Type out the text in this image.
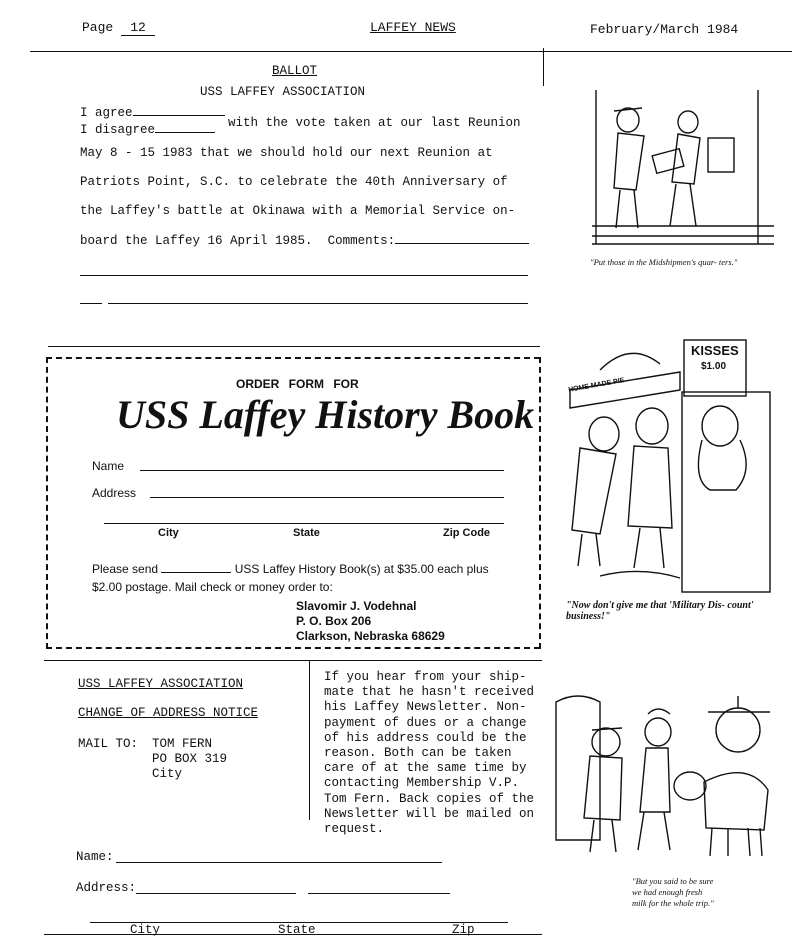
Page 12	LAFFEY NEWS	February/March 1984
BALLOT
USS LAFFEY ASSOCIATION
I agree
I disagree	with the vote taken at our last Reunion
May 8 - 15 1983 that we should hold our next Reunion at
Patriots Point, S.C. to celebrate the 40th Anniversary of
the Laffey's battle at Okinawa with a Memorial Service on-
board the Laffey 16 April 1985. Comments:
"Put those in the Midshipmen's quar- ters."
ORDER FORM FOR
USS Laffey History Book
Name
Address
City	State	Zip Code
Please send	USS Laffey History Book(s) at $35.00 each plus
$2.00 postage. Mail check or money order to:
Slavomir J. Vodehnal
P. O. Box 206
Clarkson, Nebraska 68629
KISSES
$1.00
HOME MADE PIE
"Now don't give me that 'Military Dis- count' business!"
USS LAFFEY ASSOCIATION
CHANGE OF ADDRESS NOTICE
MAIL TO: TOM FERN
PO BOX 319
City
If you hear from your ship-
mate that he hasn't received
his Laffey Newsletter. Non-
payment of dues or a change
of his address could be the
reason. Both can be taken
care of at the same time by
contacting Membership V.P.
Tom Fern. Back copies of the
Newsletter will be mailed on
request.
Name:
Address:
City	State	Zip
"But you said to be sure we had enough fresh milk for the whole trip."
